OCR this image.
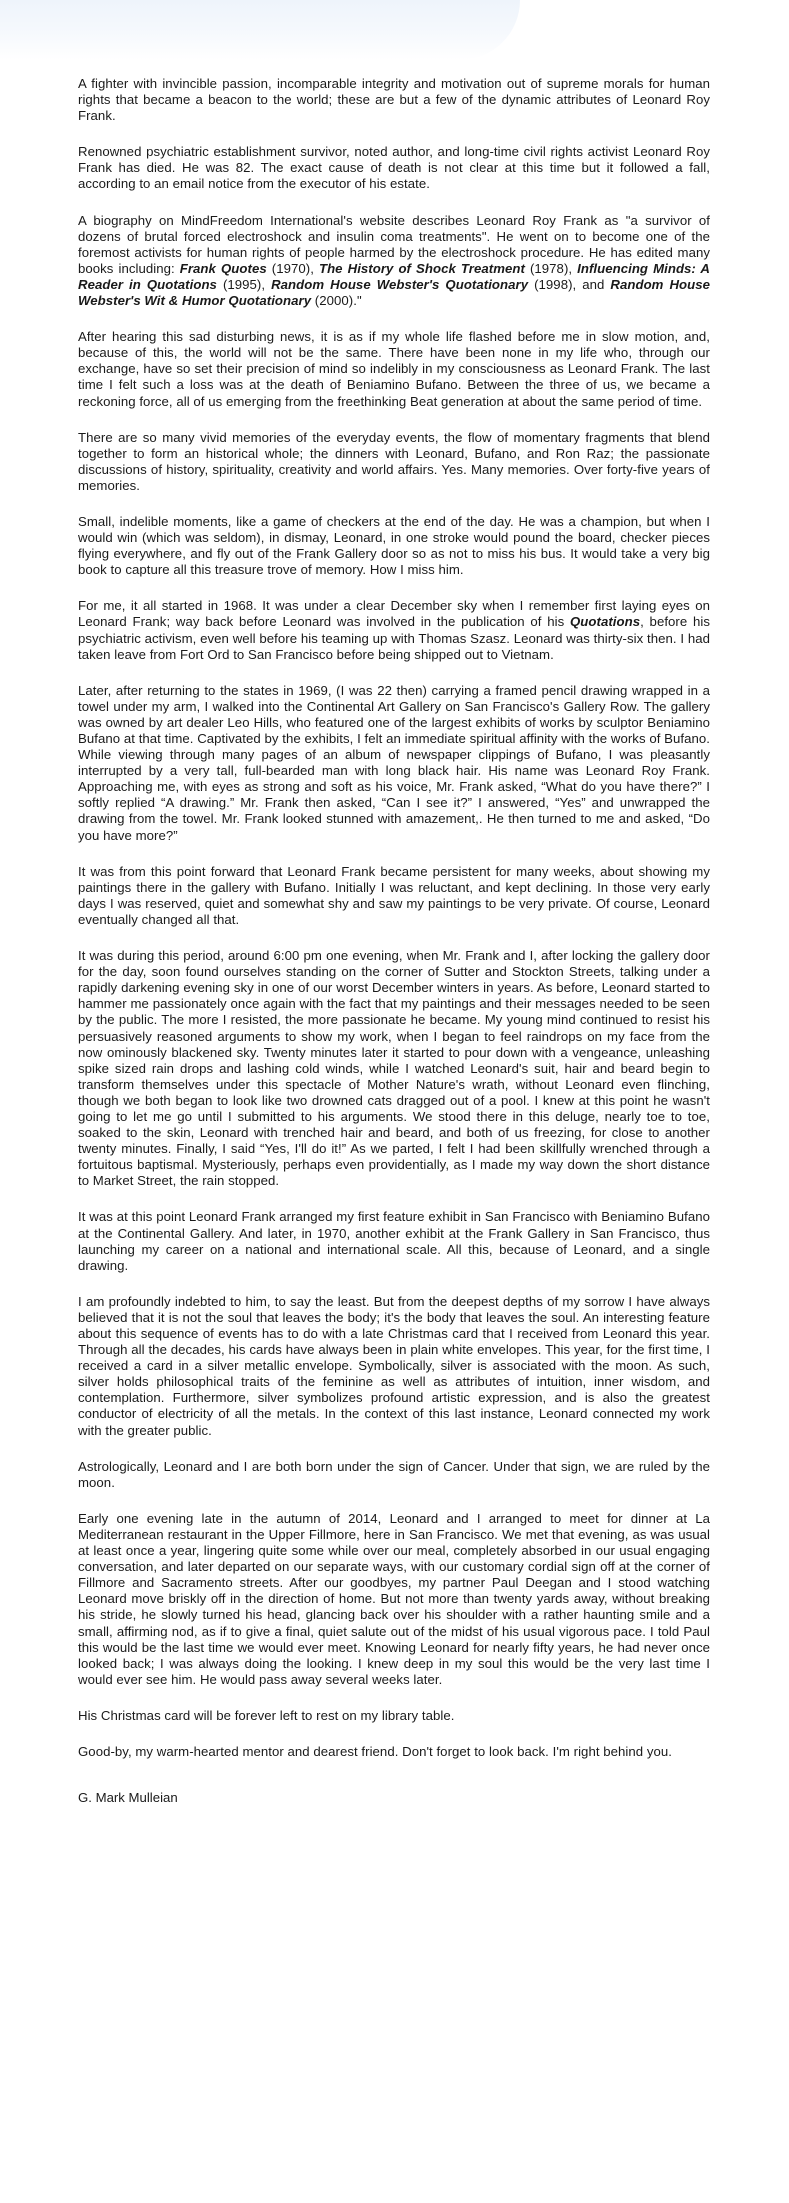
A fighter with invincible passion, incomparable integrity and motivation out of supreme morals for human rights that became a beacon to the world; these are but a few of the dynamic attributes of Leonard Roy Frank.

Renowned psychiatric establishment survivor, noted author, and long-time civil rights activist Leonard Roy Frank has died. He was 82. The exact cause of death is not clear at this time but it followed a fall, according to an email notice from the executor of his estate.

A biography on MindFreedom International's website describes Leonard Roy Frank as "a survivor of dozens of brutal forced electroshock and insulin coma treatments". He went on to become one of the foremost activists for human rights of people harmed by the electroshock procedure. He has edited many books including: Frank Quotes (1970), The History of Shock Treatment (1978), Influencing Minds: A Reader in Quotations (1995), Random House Webster's Quotationary (1998), and Random House Webster's Wit & Humor Quotationary (2000)."

After hearing this sad disturbing news, it is as if my whole life flashed before me in slow motion, and, because of this, the world will not be the same. There have been none in my life who, through our exchange, have so set their precision of mind so indelibly in my consciousness as Leonard Frank. The last time I felt such a loss was at the death of Beniamino Bufano. Between the three of us, we became a reckoning force, all of us emerging from the freethinking Beat generation at about the same period of time.

There are so many vivid memories of the everyday events, the flow of momentary fragments that blend together to form an historical whole; the dinners with Leonard, Bufano, and Ron Raz; the passionate discussions of history, spirituality, creativity and world affairs. Yes. Many memories. Over forty-five years of memories.

Small, indelible moments, like a game of checkers at the end of the day. He was a champion, but when I would win (which was seldom), in dismay, Leonard, in one stroke would pound the board, checker pieces flying everywhere, and fly out of the Frank Gallery door so as not to miss his bus. It would take a very big book to capture all this treasure trove of memory. How I miss him.

For me, it all started in 1968. It was under a clear December sky when I remember first laying eyes on Leonard Frank; way back before Leonard was involved in the publication of his Quotations, before his psychiatric activism, even well before his teaming up with Thomas Szasz. Leonard was thirty-six then. I had taken leave from Fort Ord to San Francisco before being shipped out to Vietnam.

Later, after returning to the states in 1969, (I was 22 then) carrying a framed pencil drawing wrapped in a towel under my arm, I walked into the Continental Art Gallery on San Francisco's Gallery Row. The gallery was owned by art dealer Leo Hills, who featured one of the largest exhibits of works by sculptor Beniamino Bufano at that time. Captivated by the exhibits, I felt an immediate spiritual affinity with the works of Bufano. While viewing through many pages of an album of newspaper clippings of Bufano, I was pleasantly interrupted by a very tall, full-bearded man with long black hair. His name was Leonard Roy Frank. Approaching me, with eyes as strong and soft as his voice, Mr. Frank asked, “What do you have there?” I softly replied “A drawing.” Mr. Frank then asked, “Can I see it?” I answered, “Yes” and unwrapped the drawing from the towel. Mr. Frank looked stunned with amazement,. He then turned to me and asked, “Do you have more?”

It was from this point forward that Leonard Frank became persistent for many weeks, about showing my paintings there in the gallery with Bufano. Initially I was reluctant, and kept declining. In those very early days I was reserved, quiet and somewhat shy and saw my paintings to be very private. Of course, Leonard eventually changed all that.

It was during this period, around 6:00 pm one evening, when Mr. Frank and I, after locking the gallery door for the day, soon found ourselves standing on the corner of Sutter and Stockton Streets, talking under a rapidly darkening evening sky in one of our worst December winters in years. As before, Leonard started to hammer me passionately once again with the fact that my paintings and their messages needed to be seen by the public. The more I resisted, the more passionate he became. My young mind continued to resist his persuasively reasoned arguments to show my work, when I began to feel raindrops on my face from the now ominously blackened sky. Twenty minutes later it started to pour down with a vengeance, unleashing spike sized rain drops and lashing cold winds, while I watched Leonard's suit, hair and beard begin to transform themselves under this spectacle of Mother Nature's wrath, without Leonard even flinching, though we both began to look like two drowned cats dragged out of a pool. I knew at this point he wasn't going to let me go until I submitted to his arguments. We stood there in this deluge, nearly toe to toe, soaked to the skin, Leonard with trenched hair and beard, and both of us freezing, for close to another twenty minutes. Finally, I said “Yes, I'll do it!” As we parted, I felt I had been skillfully wrenched through a fortuitous baptismal. Mysteriously, perhaps even providentially, as I made my way down the short distance to Market Street, the rain stopped.

It was at this point Leonard Frank arranged my first feature exhibit in San Francisco with Beniamino Bufano at the Continental Gallery. And later, in 1970, another exhibit at the Frank Gallery in San Francisco, thus launching my career on a national and international scale. All this, because of Leonard, and a single drawing.

I am profoundly indebted to him, to say the least. But from the deepest depths of my sorrow I have always believed that it is not the soul that leaves the body; it's the body that leaves the soul. An interesting feature about this sequence of events has to do with a late Christmas card that I received from Leonard this year. Through all the decades, his cards have always been in plain white envelopes. This year, for the first time, I received a card in a silver metallic envelope. Symbolically, silver is associated with the moon. As such, silver holds philosophical traits of the feminine as well as attributes of intuition, inner wisdom, and contemplation. Furthermore, silver symbolizes profound artistic expression, and is also the greatest conductor of electricity of all the metals. In the context of this last instance, Leonard connected my work with the greater public.

Astrologically, Leonard and I are both born under the sign of Cancer. Under that sign, we are ruled by the moon.

Early one evening late in the autumn of 2014, Leonard and I arranged to meet for dinner at La Mediterranean restaurant in the Upper Fillmore, here in San Francisco. We met that evening, as was usual at least once a year, lingering quite some while over our meal, completely absorbed in our usual engaging conversation, and later departed on our separate ways, with our customary cordial sign off at the corner of Fillmore and Sacramento streets. After our goodbyes, my partner Paul Deegan and I stood watching Leonard move briskly off in the direction of home. But not more than twenty yards away, without breaking his stride, he slowly turned his head, glancing back over his shoulder with a rather haunting smile and a small, affirming nod, as if to give a final, quiet salute out of the midst of his usual vigorous pace. I told Paul this would be the last time we would ever meet. Knowing Leonard for nearly fifty years, he had never once looked back; I was always doing the looking. I knew deep in my soul this would be the very last time I would ever see him. He would pass away several weeks later.

His Christmas card will be forever left to rest on my library table.

Good-by, my warm-hearted mentor and dearest friend. Don't forget to look back. I'm right behind you.

G. Mark Mulleian
